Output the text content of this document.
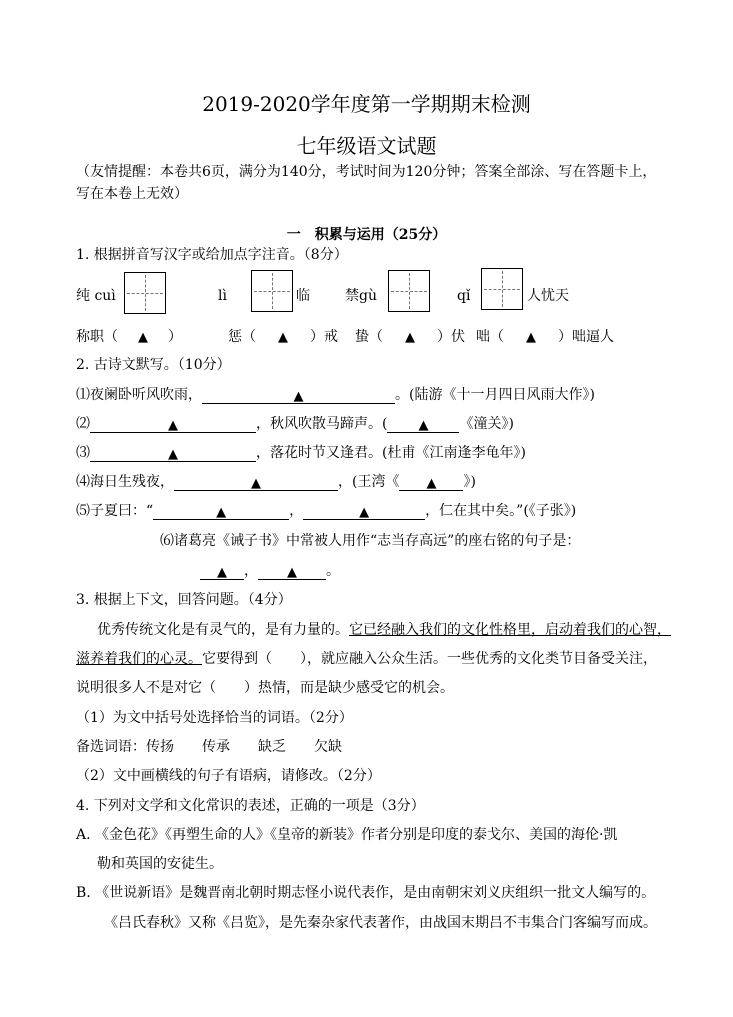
2019-2020学年度第一学期期末检测
七年级语文试题
（友情提醒：本卷共6页，满分为140分，考试时间为120分钟；答案全部涂、写在答题卡上，
写在本卷上无效）
一　积累与运用（25分）
1. 根据拼音写汉字或给加点字注音。（8分）
纯 cuì	lì	临	禁gù	qǐ	人忧天
称职（ ▲ ）	惩（ ▲ ）戒 蛰（ ▲ ）伏 咄（ ▲ ）咄逼人
2. 古诗文默写。（10分）
⑴夜阑卧听风吹雨，	▲	。(陆游《十一月四日风雨大作》)
⑵	▲	，秋风吹散马蹄声。( ▲ 《潼关》)
⑶	▲	，落花时节又逢君。(杜甫《江南逢李龟年》)
⑷海日生残夜，	▲	，(王湾《 ▲ 》)
⑸子夏曰：“	▲	，	▲	，仁在其中矣。”(《子张》)
⑹诸葛亮《诫子书》中常被人用作“志当存高远”的座右铭的句子是：
▲ ， ▲ 。
3. 根据上下文，回答问题。（4分）
优秀传统文化是有灵气的，是有力量的。它已经融入我们的文化性格里，启动着我们的心智，
滋养着我们的心灵。它要得到（　　），就应融入公众生活。一些优秀的文化类节目备受关注，
说明很多人不是对它（　　）热情，而是缺少感受它的机会。
（1）为文中括号处选择恰当的词语。（2分）
备选词语：传扬 传承 缺乏 欠缺
（2）文中画横线的句子有语病，请修改。（2分）
4. 下列对文学和文化常识的表述，正确的一项是（3分）
A. 《金色花》《再塑生命的人》《皇帝的新装》作者分别是印度的泰戈尔、美国的海伦·凯
勒和英国的安徒生。
B. 《世说新语》是魏晋南北朝时期志怪小说代表作，是由南朝宋刘义庆组织一批文人编写的。
《吕氏春秋》又称《吕览》，是先秦杂家代表著作，由战国末期吕不韦集合门客编写而成。
